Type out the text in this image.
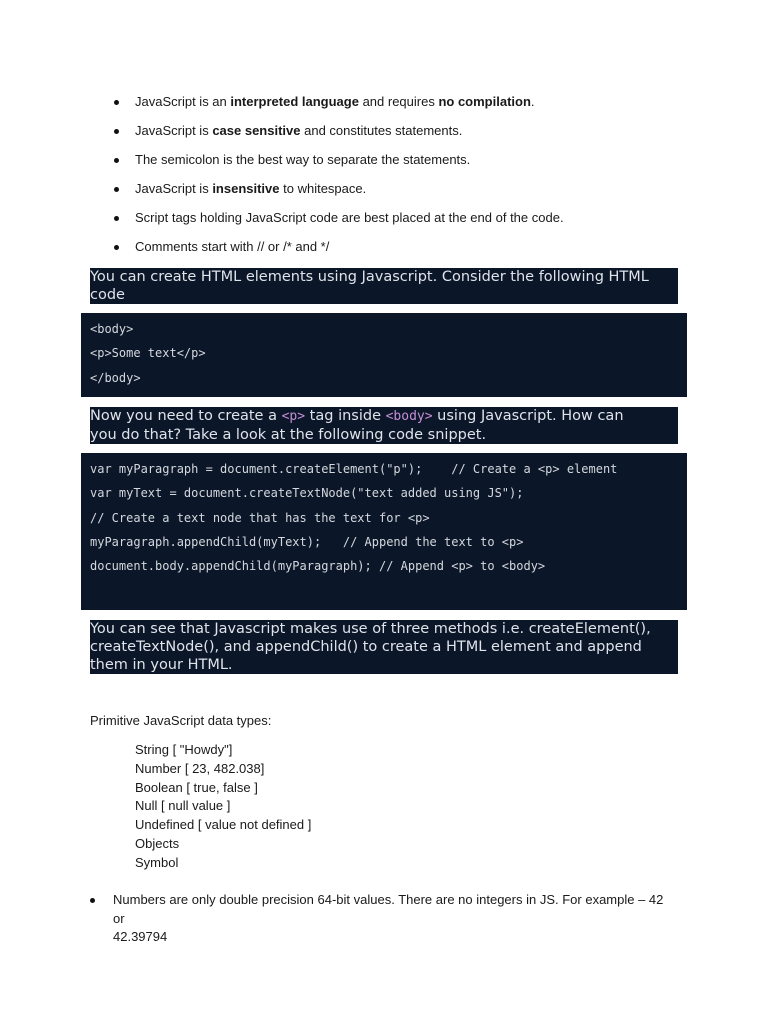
JavaScript is an interpreted language and requires no compilation.
JavaScript is case sensitive and constitutes statements.
The semicolon is the best way to separate the statements.
JavaScript is insensitive to whitespace.
Script tags holding JavaScript code are best placed at the end of the code.
Comments start with // or /* and */
You can create HTML elements using Javascript. Consider the following HTML
code
<body>
<p>Some text</p>
</body>
Now you need to create a <p> tag inside <body> using Javascript. How can
you do that? Take a look at the following code snippet.
var myParagraph = document.createElement("p");    // Create a <p> element
var myText = document.createTextNode("text added using JS");
// Create a text node that has the text for <p>
myParagraph.appendChild(myText);   // Append the text to <p>
document.body.appendChild(myParagraph); // Append <p> to <body>
You can see that Javascript makes use of three methods i.e. createElement(),
createTextNode(), and appendChild() to create a HTML element and append
them in your HTML.
Primitive JavaScript data types:
String [ "Howdy"]
Number [ 23, 482.038]
Boolean [ true, false ]
Null [ null value ]
Undefined [ value not defined ]
Objects
Symbol
Numbers are only double precision 64-bit values. There are no integers in JS. For example – 42 or
42.39794
